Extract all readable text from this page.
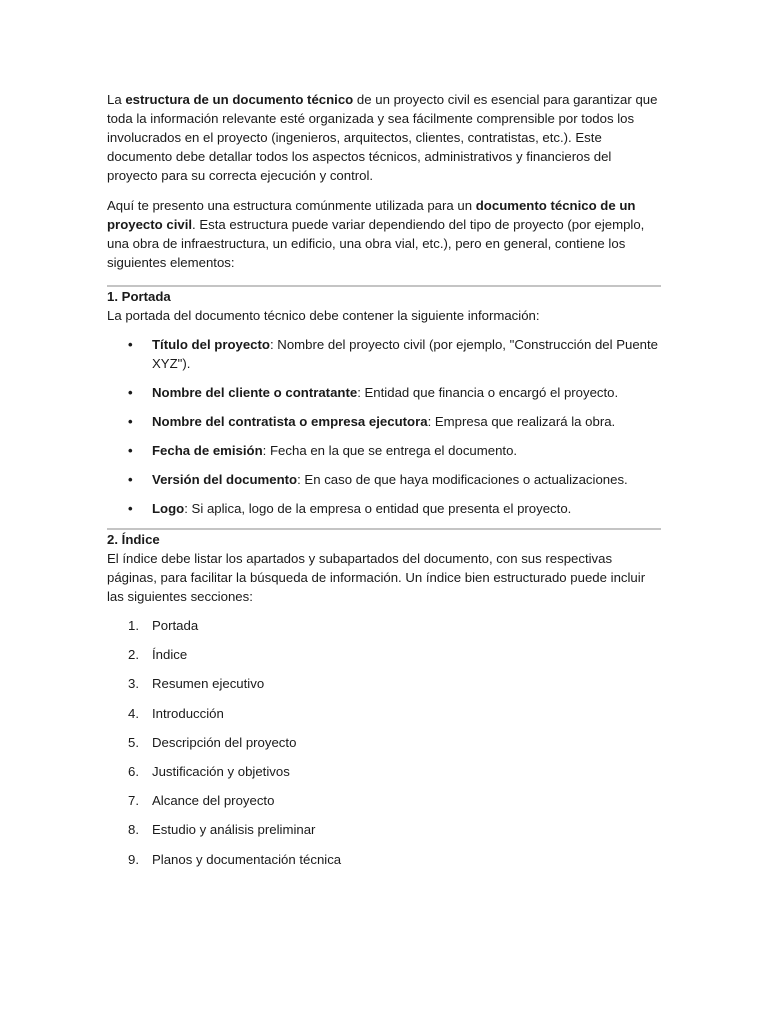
La estructura de un documento técnico de un proyecto civil es esencial para garantizar que toda la información relevante esté organizada y sea fácilmente comprensible por todos los involucrados en el proyecto (ingenieros, arquitectos, clientes, contratistas, etc.). Este documento debe detallar todos los aspectos técnicos, administrativos y financieros del proyecto para su correcta ejecución y control.

Aquí te presento una estructura comúnmente utilizada para un documento técnico de un proyecto civil. Esta estructura puede variar dependiendo del tipo de proyecto (por ejemplo, una obra de infraestructura, un edificio, una obra vial, etc.), pero en general, contiene los siguientes elementos:

1. Portada

La portada del documento técnico debe contener la siguiente información:

• Título del proyecto: Nombre del proyecto civil (por ejemplo, "Construcción del Puente XYZ").
• Nombre del cliente o contratante: Entidad que financia o encargó el proyecto.
• Nombre del contratista o empresa ejecutora: Empresa que realizará la obra.
• Fecha de emisión: Fecha en la que se entrega el documento.
• Versión del documento: En caso de que haya modificaciones o actualizaciones.
• Logo: Si aplica, logo de la empresa o entidad que presenta el proyecto.
2. Índice

El índice debe listar los apartados y subapartados del documento, con sus respectivas páginas, para facilitar la búsqueda de información. Un índice bien estructurado puede incluir las siguientes secciones:

1. Portada
2. Índice
3. Resumen ejecutivo
4. Introducción
5. Descripción del proyecto
6. Justificación y objetivos
7. Alcance del proyecto
8. Estudio y análisis preliminar
9. Planos y documentación técnica
